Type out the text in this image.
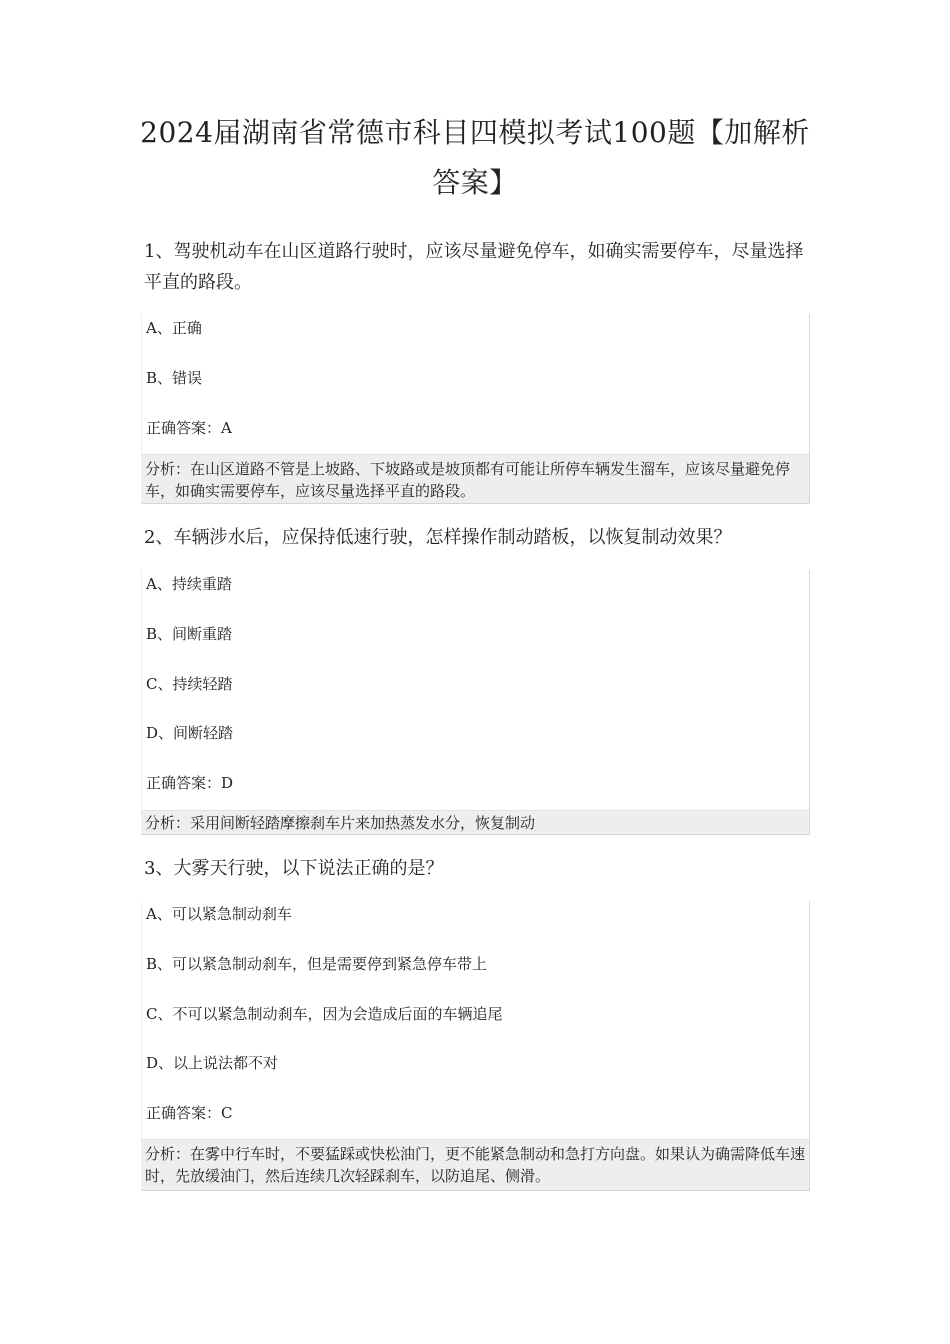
2024届湖南省常德市科目四模拟考试100题【加解析
答案】

1、驾驶机动车在山区道路行驶时，应该尽量避免停车，如确实需要停车，尽量选择平直的路段。

A、正确
B、错误
正确答案：A
分析：在山区道路不管是上坡路、下坡路或是坡顶都有可能让所停车辆发生溜车，应该尽量避免停车，如确实需要停车，应该尽量选择平直的路段。

2、车辆涉水后，应保持低速行驶，怎样操作制动踏板，以恢复制动效果？

A、持续重踏
B、间断重踏
C、持续轻踏
D、间断轻踏
正确答案：D
分析：采用间断轻踏摩擦刹车片来加热蒸发水分，恢复制动

3、大雾天行驶，以下说法正确的是？

A、可以紧急制动刹车
B、可以紧急制动刹车，但是需要停到紧急停车带上
C、不可以紧急制动刹车，因为会造成后面的车辆追尾
D、以上说法都不对
正确答案：C
分析：在雾中行车时，不要猛踩或快松油门，更不能紧急制动和急打方向盘。如果认为确需降低车速时，先放缓油门，然后连续几次轻踩刹车，以防追尾、侧滑。
